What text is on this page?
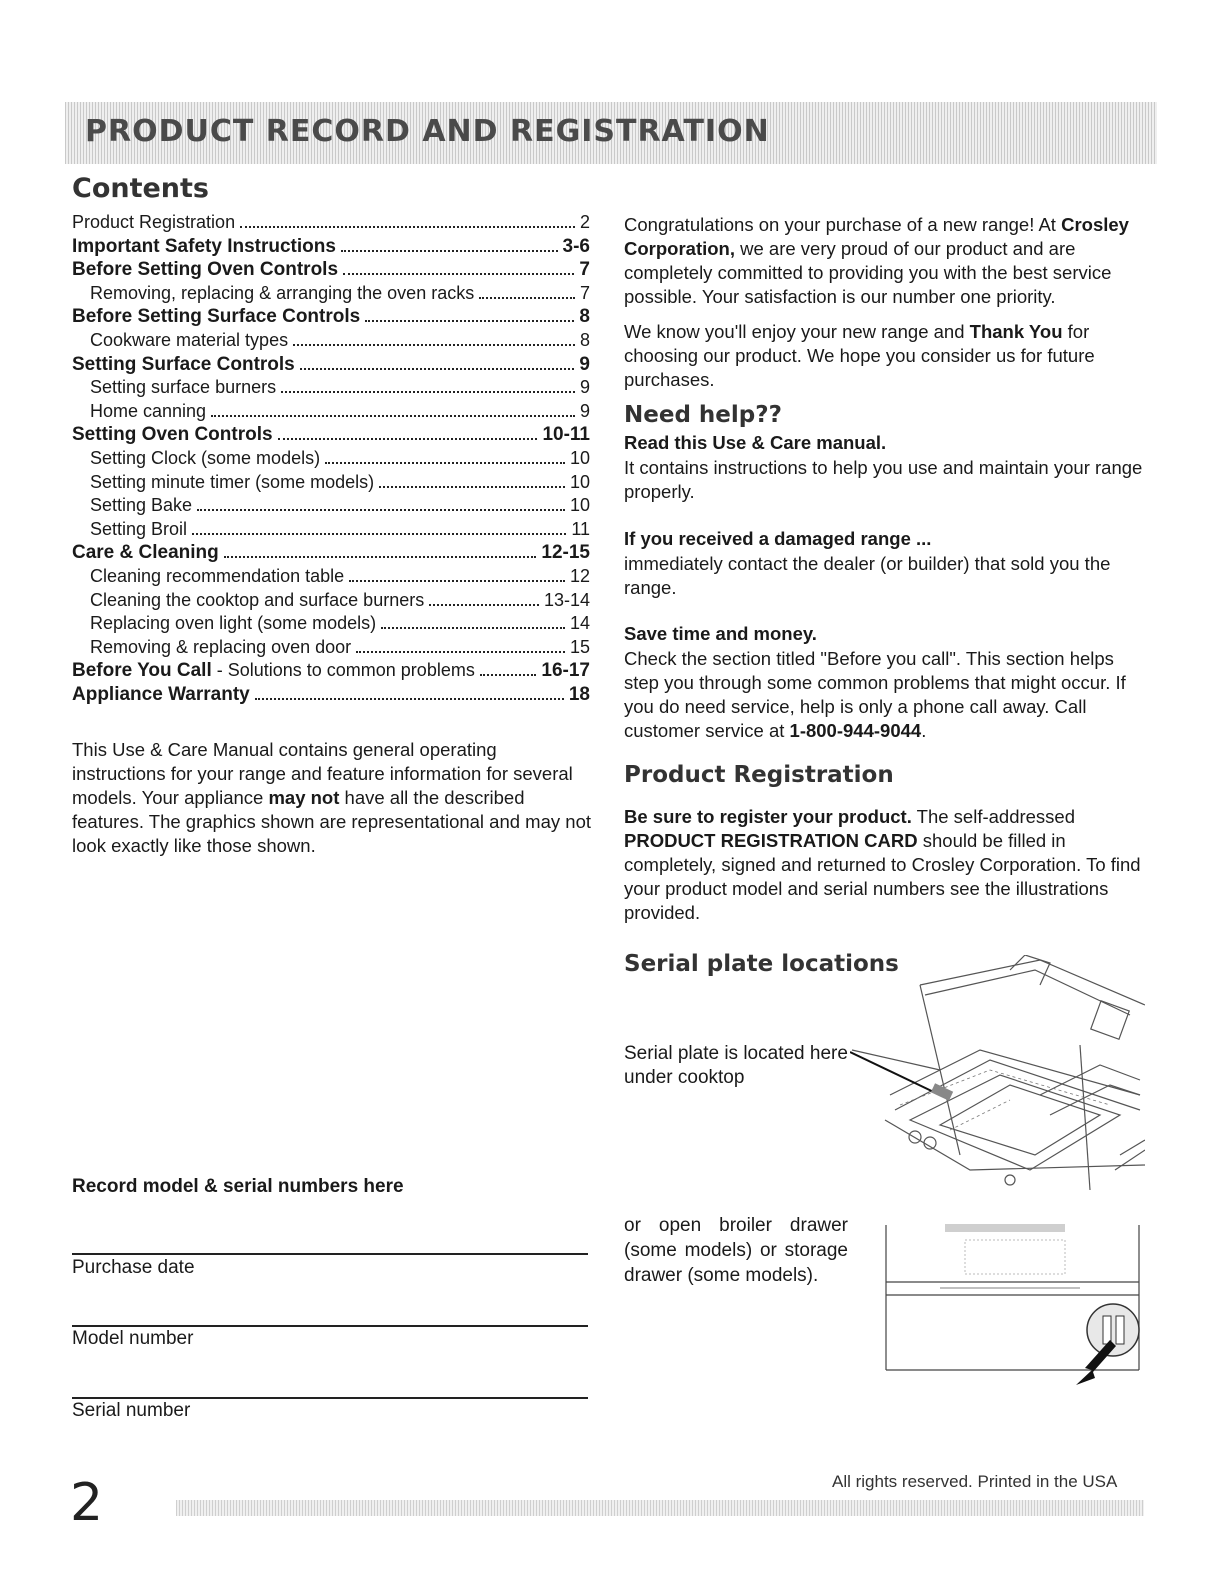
PRODUCT RECORD AND REGISTRATION
Contents
Product Registration	2
Important Safety Instructions	3-6
Before Setting Oven Controls	7
Removing, replacing & arranging the oven racks	7
Before Setting Surface Controls	8
Cookware material types	8
Setting Surface Controls	9
Setting surface burners	9
Home canning	9
Setting Oven Controls	10-11
Setting Clock (some models)	10
Setting minute timer (some models)	10
Setting Bake	10
Setting Broil	11
Care & Cleaning	12-15
Cleaning recommendation table	12
Cleaning the cooktop and surface burners	13-14
Replacing oven light (some models)	14
Removing & replacing oven door	15
Before You Call - Solutions to common problems	16-17
Appliance Warranty	18
This Use & Care Manual contains general operating instructions for your range and feature information for several models. Your appliance may not have all the described features. The graphics shown are representational and may not look exactly like those shown.
Record model & serial numbers here
Purchase date
Model number
Serial number
Congratulations on your purchase of a new range! At Crosley Corporation, we are very proud of our product and are completely committed to providing you with the best service possible. Your satisfaction is our number one priority.
We know you'll enjoy your new range and Thank You for choosing our product. We hope you consider us for future purchases.
Need help??
Read this Use & Care manual.
It contains instructions to help you use and maintain your range properly.
If you received a damaged range ...
immediately contact the dealer (or builder) that sold you the range.
Save time and money.
Check the section titled "Before you call". This section helps step you through some common problems that might occur. If you do need service, help is only a phone call away. Call customer service at 1-800-944-9044.
Product Registration
Be sure to register your product. The self-addressed PRODUCT REGISTRATION CARD should be filled in completely, signed and returned to Crosley Corporation. To find your product model and serial numbers see the illustrations provided.
Serial plate locations
Serial plate is located here
under cooktop
or open broiler drawer (some models) or storage drawer (some models).
2	All rights reserved. Printed in the USA
